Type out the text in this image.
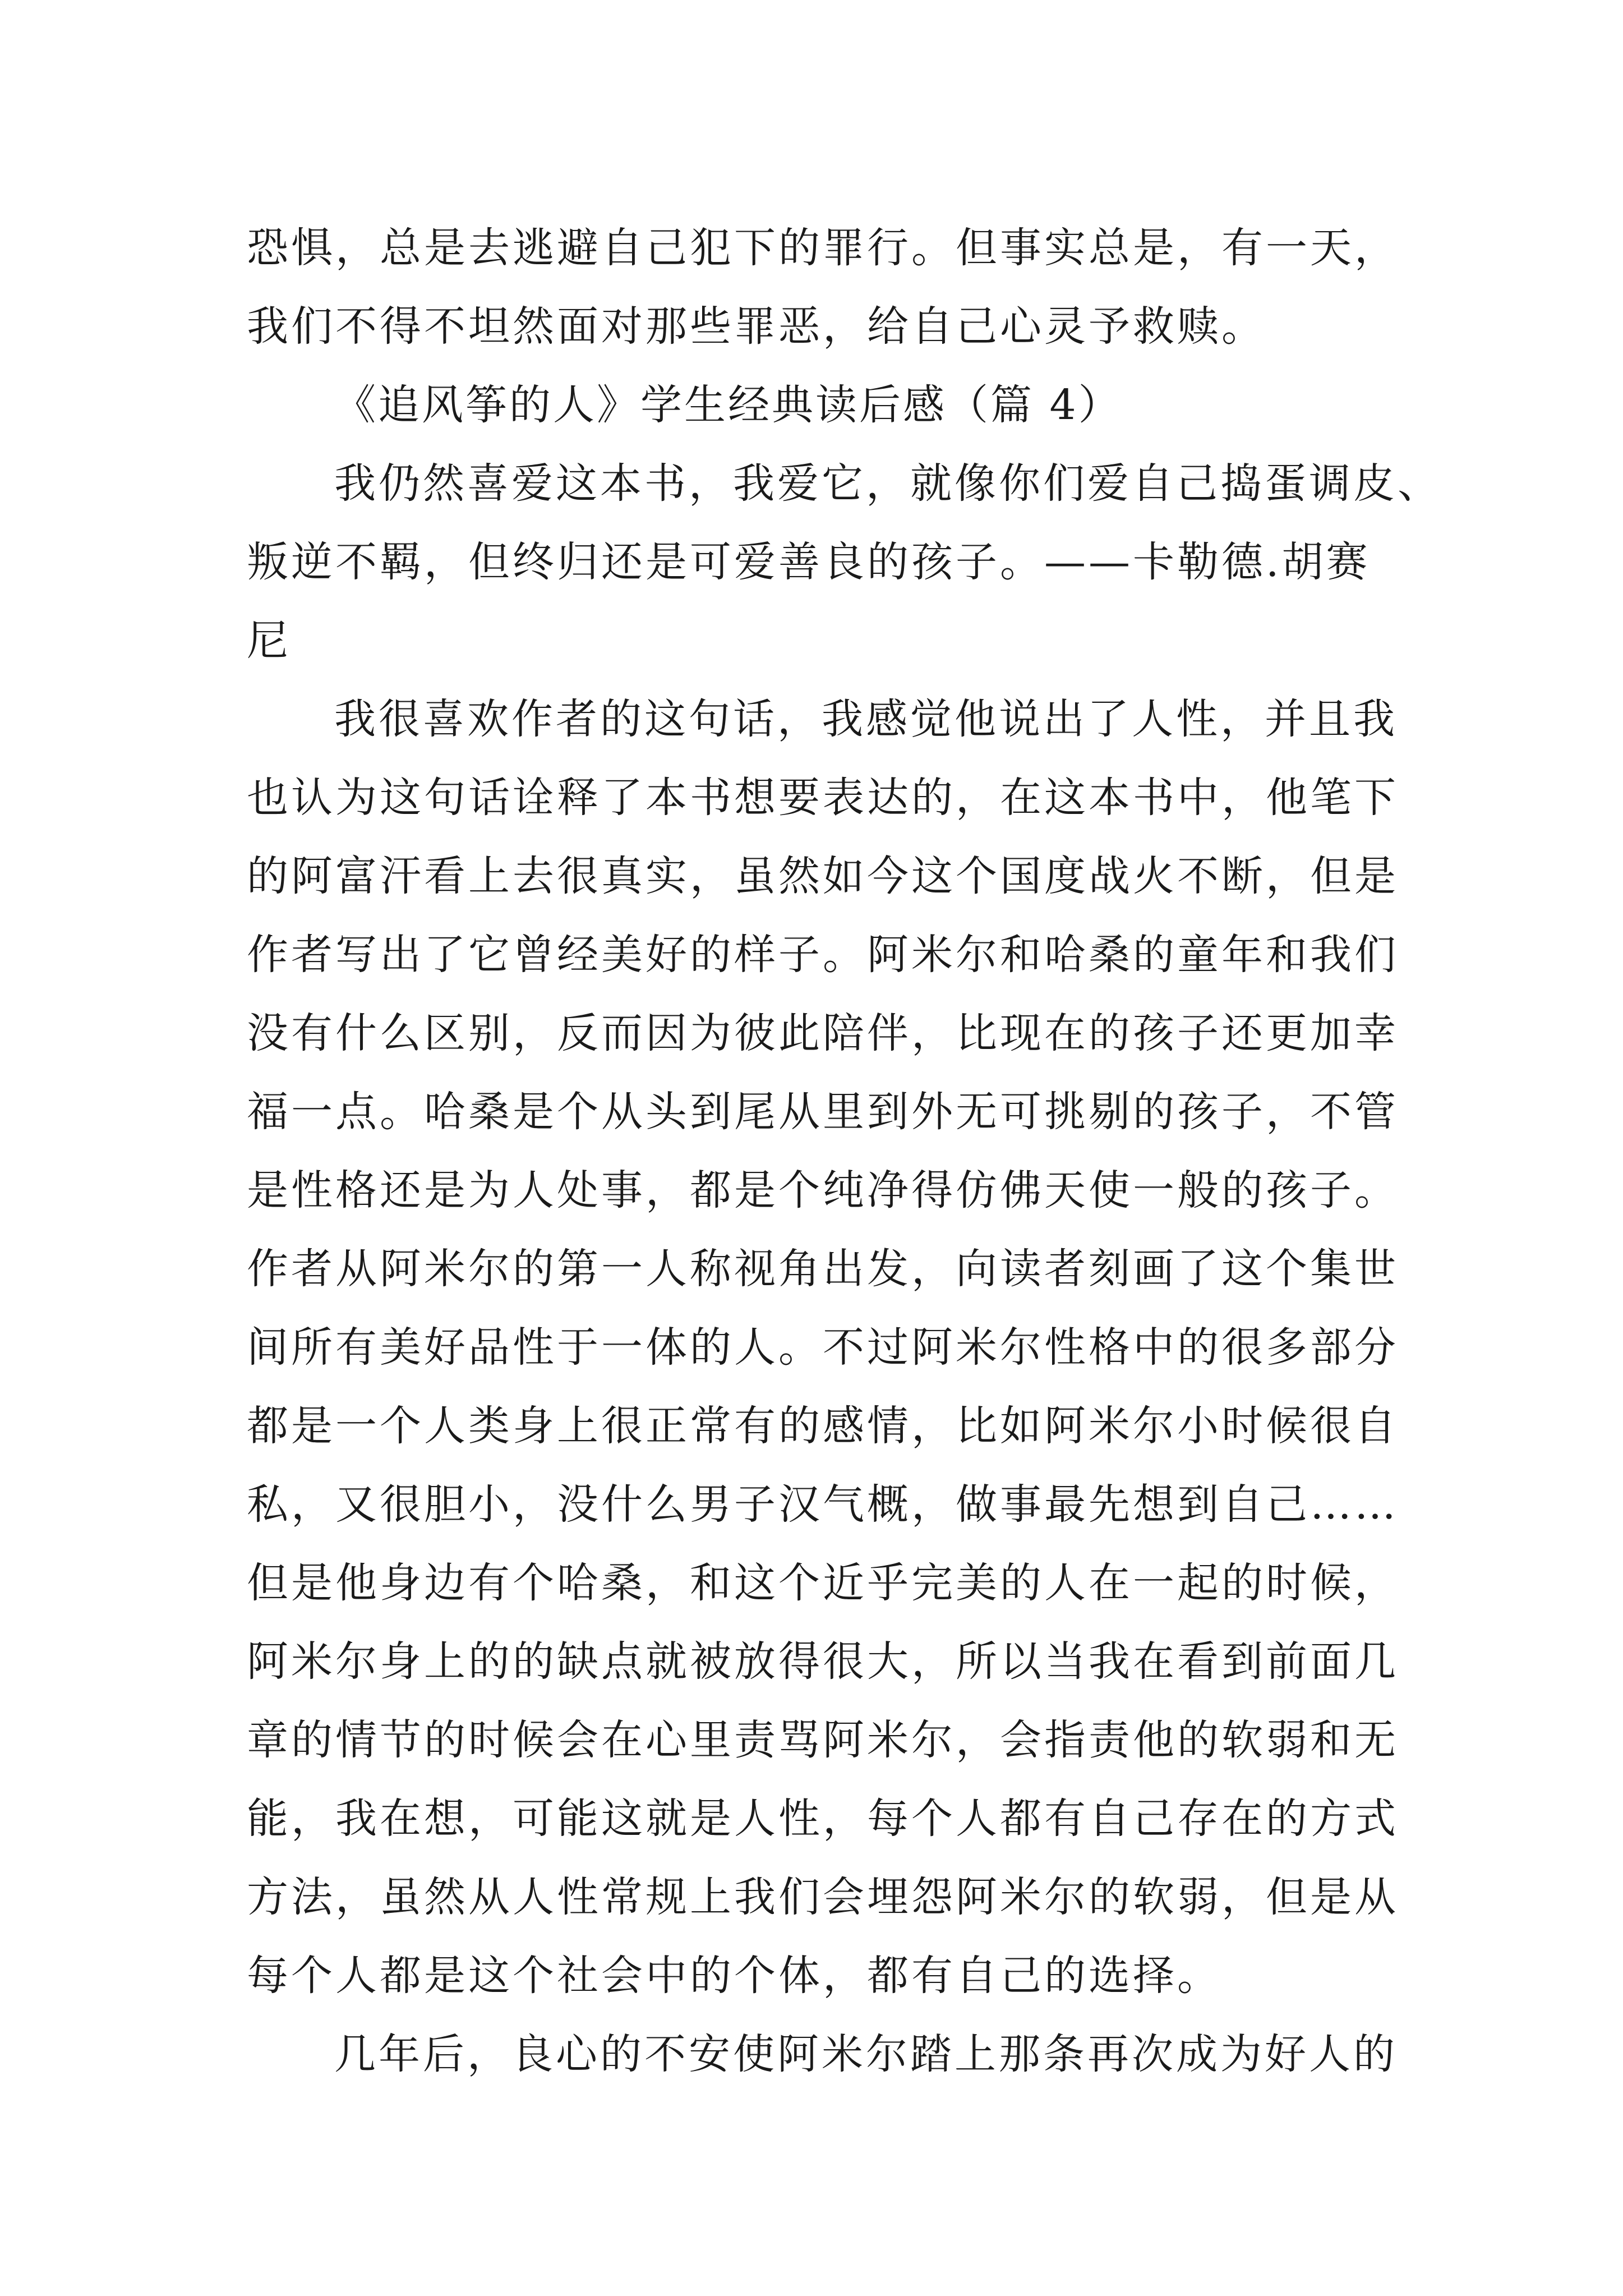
恐惧，总是去逃避自己犯下的罪行。但事实总是，有一天，
我们不得不坦然面对那些罪恶，给自己心灵予救赎。
《追风筝的人》学生经典读后感（篇 4）
我仍然喜爱这本书，我爱它，就像你们爱自己捣蛋调皮、
叛逆不羁，但终归还是可爱善良的孩子。——卡勒德.胡赛
尼
我很喜欢作者的这句话，我感觉他说出了人性，并且我
也认为这句话诠释了本书想要表达的，在这本书中，他笔下
的阿富汗看上去很真实，虽然如今这个国度战火不断，但是
作者写出了它曾经美好的样子。阿米尔和哈桑的童年和我们
没有什么区别，反而因为彼此陪伴，比现在的孩子还更加幸
福一点。哈桑是个从头到尾从里到外无可挑剔的孩子，不管
是性格还是为人处事，都是个纯净得仿佛天使一般的孩子。
作者从阿米尔的第一人称视角出发，向读者刻画了这个集世
间所有美好品性于一体的人。不过阿米尔性格中的很多部分
都是一个人类身上很正常有的感情，比如阿米尔小时候很自
私，又很胆小，没什么男子汉气概，做事最先想到自己……
但是他身边有个哈桑，和这个近乎完美的人在一起的时候，
阿米尔身上的的缺点就被放得很大，所以当我在看到前面几
章的情节的时候会在心里责骂阿米尔，会指责他的软弱和无
能，我在想，可能这就是人性，每个人都有自己存在的方式
方法，虽然从人性常规上我们会埋怨阿米尔的软弱，但是从
每个人都是这个社会中的个体，都有自己的选择。
几年后，良心的不安使阿米尔踏上那条再次成为好人的
